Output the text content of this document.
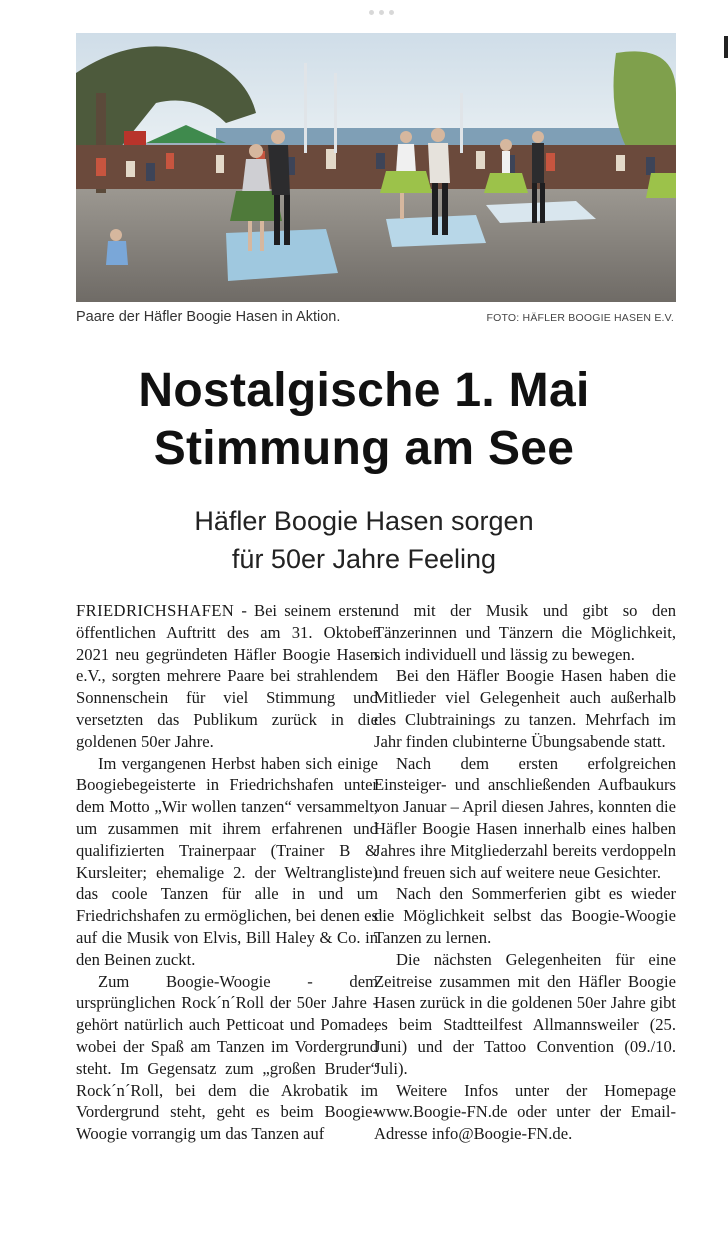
Paare der Häfler Boogie Hasen in Aktion.	FOTO: HÄFLER BOOGIE HASEN E.V.
Nostalgische 1. Mai
Stimmung am See
Häfler Boogie Hasen sorgen
für 50er Jahre Feeling

FRIEDRICHSHAFEN - Bei seinem ersten öffentlichen Auftritt des am 31. Oktober 2021 neu gegründeten Häfler Boogie Hasen e.V., sorgten mehrere Paare bei strahlendem Sonnenschein für viel Stimmung und versetzten das Publikum zurück in die goldenen 50er Jahre.

Im vergangenen Herbst haben sich einige Boogiebegeisterte in Friedrichshafen unter dem Motto „Wir wollen tanzen“ versammelt, um zusammen mit ihrem erfahrenen und qualifizierten Trainerpaar (Trainer B & Kursleiter; ehemalige 2. der Weltrangliste) das coole Tanzen für alle in und um Friedrichshafen zu ermöglichen, bei denen es auf die Musik von Elvis, Bill Haley & Co. in den Beinen zuckt.

Zum Boogie-Woogie - dem ursprünglichen Rock´n´Roll der 50er Jahre - gehört natürlich auch Petticoat und Pomade, wobei der Spaß am Tanzen im Vordergrund steht. Im Gegensatz zum „großen Bruder“ Rock´n´Roll, bei dem die Akrobatik im Vordergrund steht, geht es beim Boogie-Woogie vorrangig um das Tanzen auf

und mit der Musik und gibt so den Tänzerinnen und Tänzern die Möglichkeit, sich individuell und lässig zu bewegen.

Bei den Häfler Boogie Hasen haben die Mitlieder viel Gelegenheit auch außerhalb des Clubtrainings zu tanzen. Mehrfach im Jahr finden clubinterne Übungsabende statt.

Nach dem ersten erfolgreichen Einsteiger- und anschließenden Aufbaukurs von Januar – April diesen Jahres, konnten die Häfler Boogie Hasen innerhalb eines halben Jahres ihre Mitgliederzahl bereits verdoppeln und freuen sich auf weitere neue Gesichter.

Nach den Sommerferien gibt es wieder die Möglichkeit selbst das Boogie-Woogie Tanzen zu lernen.

Die nächsten Gelegenheiten für eine Zeitreise zusammen mit den Häfler Boogie Hasen zurück in die goldenen 50er Jahre gibt es beim Stadtteilfest Allmannsweiler (25. Juni) und der Tattoo Convention (09./10. Juli).

Weitere Infos unter der Homepage www.Boogie-FN.de oder unter der Email-Adresse info@Boogie-FN.de.
